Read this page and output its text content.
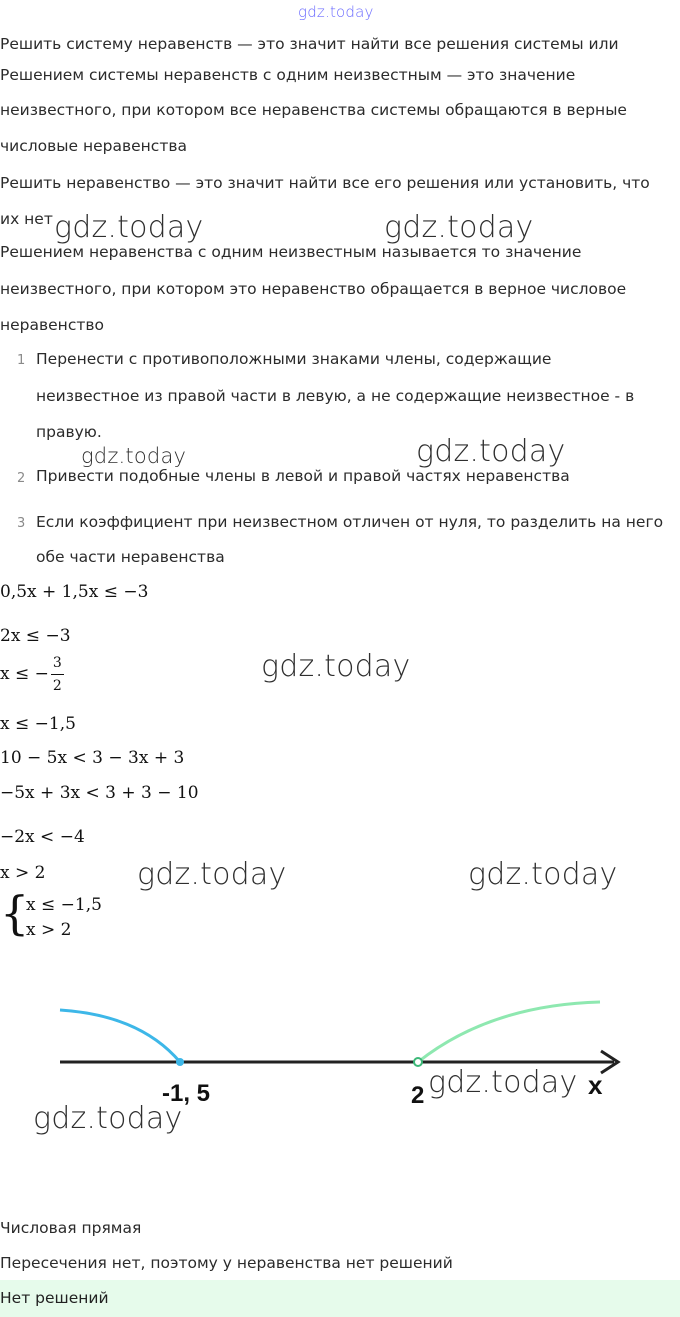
gdz.today
Решить систему неравенств — это значит найти все решения системы или
Решением системы неравенств с одним неизвестным — это значение
неизвестного, при котором все неравенства системы обращаются в верные
числовые неравенства
Решить неравенство — это значит найти все его решения или установить, что
их нет
Решением неравенства с одним неизвестным называется то значение
неизвестного, при котором это неравенство обращается в верное числовое
неравенство
1 Перенести с противоположными знаками члены, содержащие
неизвестное из правой части в левую, а не содержащие неизвестное - в
правую.
2 Привести подобные члены в левой и правой частях неравенства
3 Если коэффициент при неизвестном отличен от нуля, то разделить на него
обе части неравенства
0,5x + 1,5x ≤ −3
2x ≤ −3
x ≤ − $\frac{3}{2}$
x ≤ −1,5
10 − 5x < 3 − 3x + 3
−5x + 3x < 3 + 3 − 10
−2x < −4
x > 2
{
x ≤ −1,5
x > 2
-1, 5	2	x
gdz.today	gdz.today
gdz.today	gdz.today
gdz.today
gdz.today	gdz.today
gdz.today
gdz.today
Числовая прямая
Пересечения нет, поэтому у неравенства нет решений
Нет решений
